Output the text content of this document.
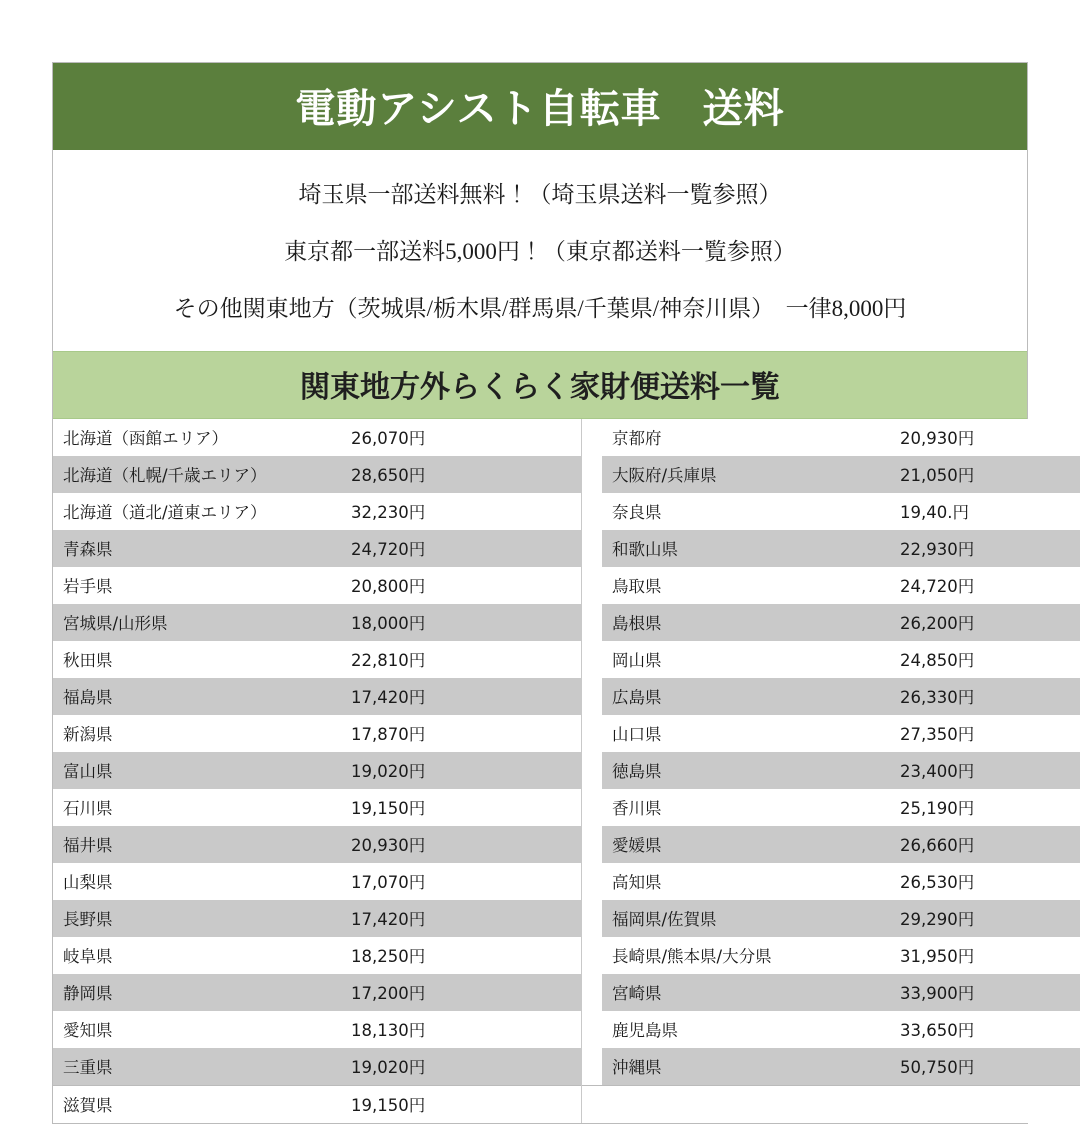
電動アシスト自転車　送料
埼玉県一部送料無料！（埼玉県送料一覧参照）
東京都一部送料5,000円！（東京都送料一覧参照）
その他関東地方（茨城県/栃木県/群馬県/千葉県/神奈川県）　一律8,000円
関東地方外らくらく家財便送料一覧
北海道（函館エリア）	26,070円		京都府	20,930円
北海道（札幌/千歳エリア）	28,650円		大阪府/兵庫県	21,050円
北海道（道北/道東エリア）	32,230円		奈良県	19,40.円
青森県	24,720円		和歌山県	22,930円
岩手県	20,800円		鳥取県	24,720円
宮城県/山形県	18,000円		島根県	26,200円
秋田県	22,810円		岡山県	24,850円
福島県	17,420円		広島県	26,330円
新潟県	17,870円		山口県	27,350円
富山県	19,020円		徳島県	23,400円
石川県	19,150円		香川県	25,190円
福井県	20,930円		愛媛県	26,660円
山梨県	17,070円		高知県	26,530円
長野県	17,420円		福岡県/佐賀県	29,290円
岐阜県	18,250円		長崎県/熊本県/大分県	31,950円
静岡県	17,200円		宮崎県	33,900円
愛知県	18,130円		鹿児島県	33,650円
三重県	19,020円		沖縄県	50,750円
滋賀県	19,150円			
